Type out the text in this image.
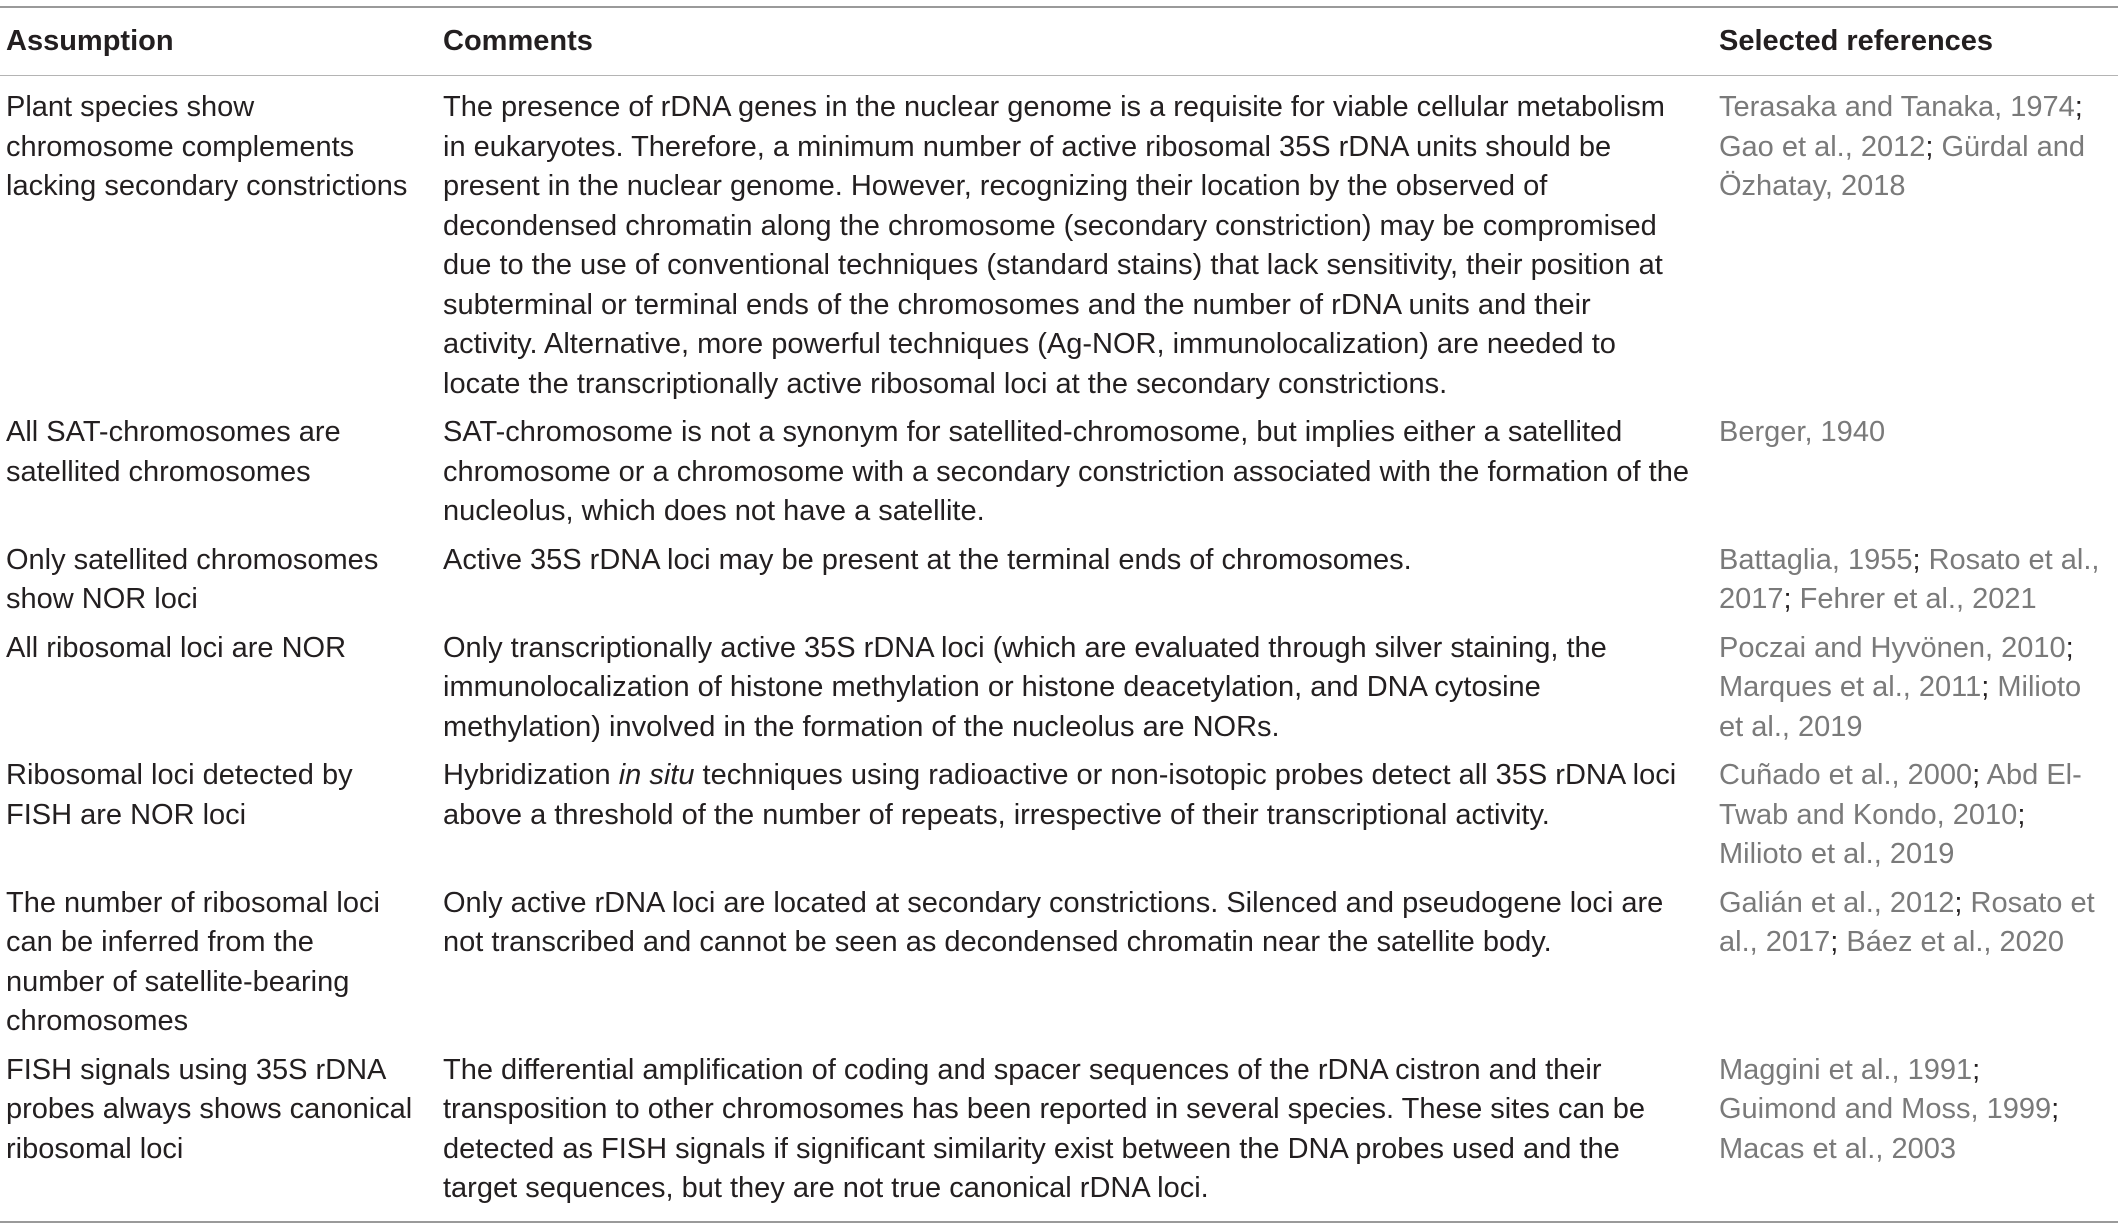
Assumption	Comments	Selected references
Plant species show chromosome complements lacking secondary constrictions	The presence of rDNA genes in the nuclear genome is a requisite for viable cellular metabolism in eukaryotes. Therefore, a minimum number of active ribosomal 35S rDNA units should be present in the nuclear genome. However, recognizing their location by the observed of decondensed chromatin along the chromosome (secondary constriction) may be compromised due to the use of conventional techniques (standard stains) that lack sensitivity, their position at subterminal or terminal ends of the chromosomes and the number of rDNA units and their activity. Alternative, more powerful techniques (Ag-NOR, immunolocalization) are needed to locate the transcriptionally active ribosomal loci at the secondary constrictions.	Terasaka and Tanaka, 1974; Gao et al., 2012; Gürdal and Özhatay, 2018
All SAT-chromosomes are satellited chromosomes	SAT-chromosome is not a synonym for satellited-chromosome, but implies either a satellited chromosome or a chromosome with a secondary constriction associated with the formation of the nucleolus, which does not have a satellite.	Berger, 1940
Only satellited chromosomes show NOR loci	Active 35S rDNA loci may be present at the terminal ends of chromosomes.	Battaglia, 1955; Rosato et al., 2017; Fehrer et al., 2021
All ribosomal loci are NOR	Only transcriptionally active 35S rDNA loci (which are evaluated through silver staining, the immunolocalization of histone methylation or histone deacetylation, and DNA cytosine methylation) involved in the formation of the nucleolus are NORs.	Poczai and Hyvönen, 2010; Marques et al., 2011; Milioto et al., 2019
Ribosomal loci detected by FISH are NOR loci	Hybridization in situ techniques using radioactive or non-isotopic probes detect all 35S rDNA loci above a threshold of the number of repeats, irrespective of their transcriptional activity.	Cuñado et al., 2000; Abd El-Twab and Kondo, 2010; Milioto et al., 2019
The number of ribosomal loci can be inferred from the number of satellite-bearing chromosomes	Only active rDNA loci are located at secondary constrictions. Silenced and pseudogene loci are not transcribed and cannot be seen as decondensed chromatin near the satellite body.	Galián et al., 2012; Rosato et al., 2017; Báez et al., 2020
FISH signals using 35S rDNA probes always shows canonical ribosomal loci	The differential amplification of coding and spacer sequences of the rDNA cistron and their transposition to other chromosomes has been reported in several species. These sites can be detected as FISH signals if significant similarity exist between the DNA probes used and the target sequences, but they are not true canonical rDNA loci.	Maggini et al., 1991; Guimond and Moss, 1999; Macas et al., 2003
